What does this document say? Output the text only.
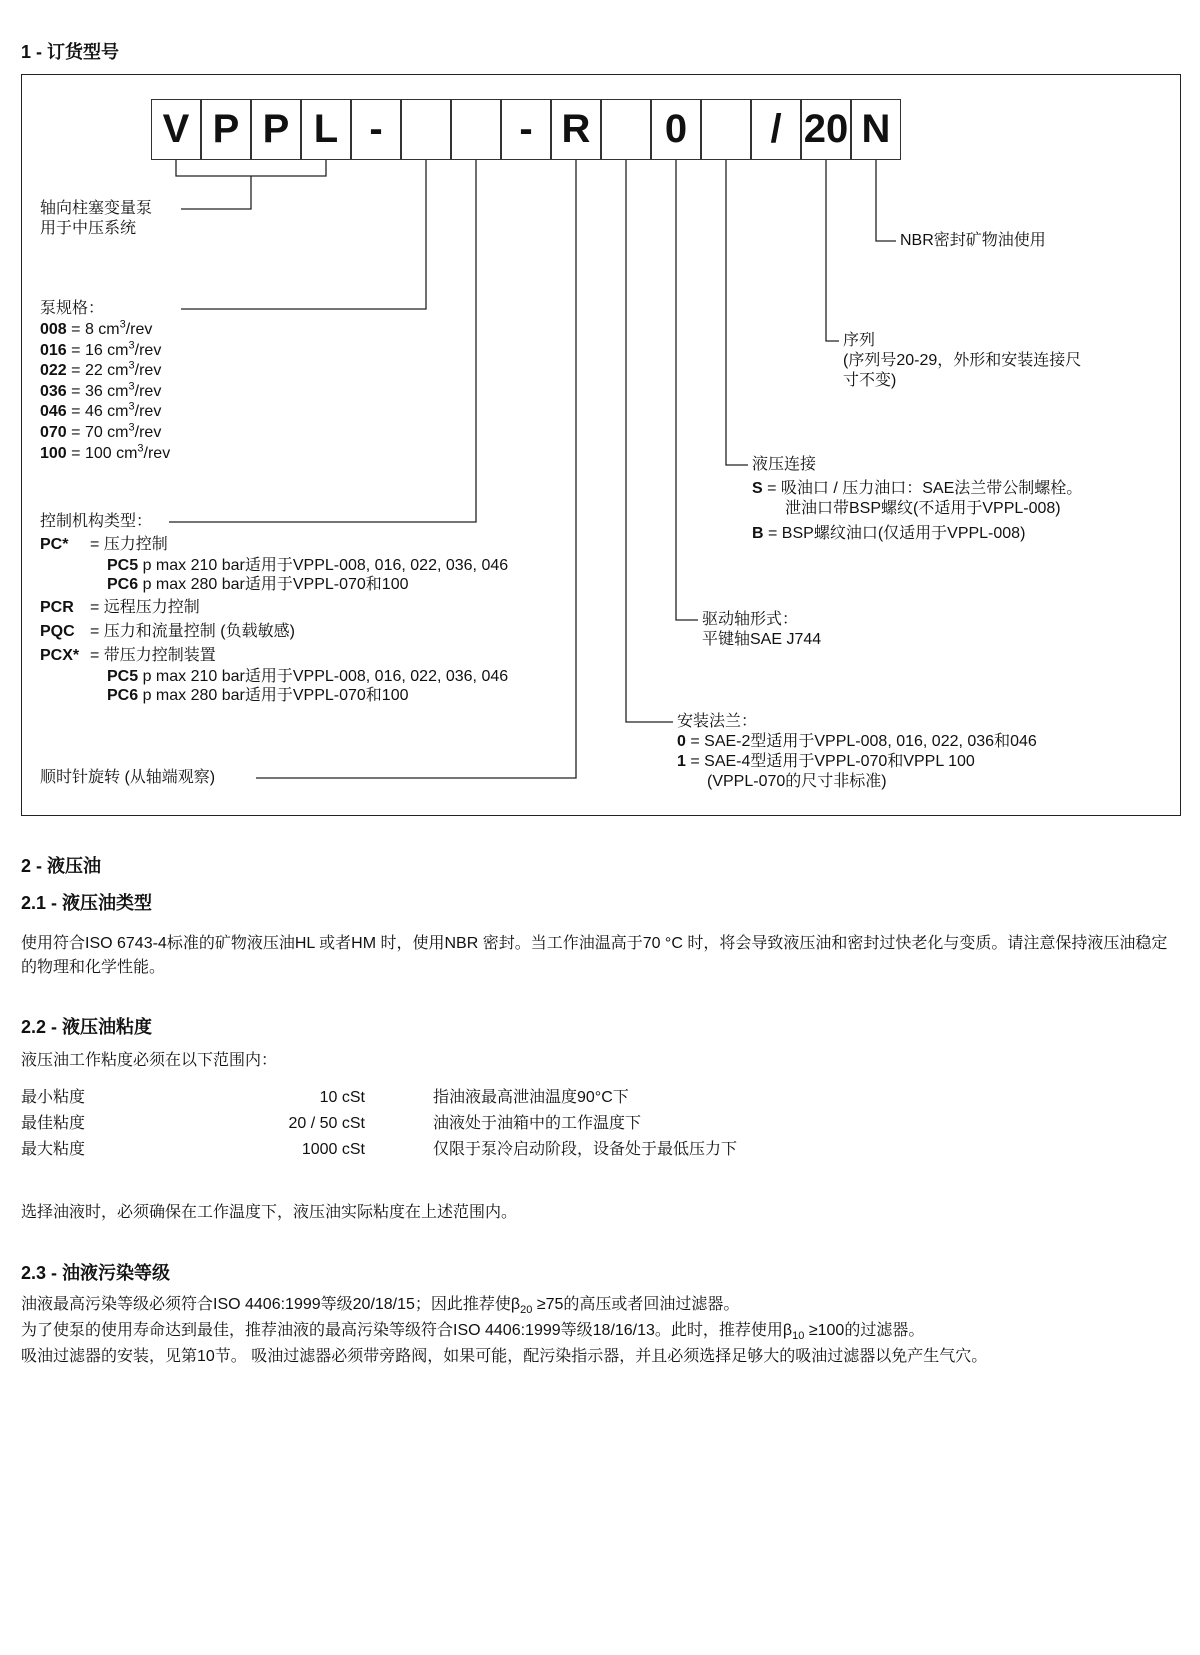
1 - 订货型号
V P P L -	- R	0	/ 20 N
轴向柱塞变量泵
用于中压系统
泵规格：
008 = 8 $cm^3$/rev
016 = 16 $cm^3$/rev
022 = 22 $cm^3$/rev
036 = 36 $cm^3$/rev
046 = 46 $cm^3$/rev
070 = 70 $cm^3$/rev
100 = 100 $cm^3$/rev
控制机构类型：
PC* = 压力控制
PC5 p max 210 bar适用于VPPL-008, 016, 022, 036, 046
PC6 p max 280 bar适用于VPPL-070和100
PCR = 远程压力控制
PQC = 压力和流量控制 (负载敏感)
PCX* = 带压力控制装置
PC5 p max 210 bar适用于VPPL-008, 016, 022, 036, 046
PC6 p max 280 bar适用于VPPL-070和100
顺时针旋转 (从轴端观察)
NBR密封矿物油使用
序列
(序列号20-29，外形和安装连接尺
寸不变)
液压连接
S = 吸油口 / 压力油口：SAE法兰带公制螺栓。
泄油口带BSP螺纹(不适用于VPPL-008)
B = BSP螺纹油口(仅适用于VPPL-008)
驱动轴形式：
平键轴SAE J744
安装法兰：
0 = SAE-2型适用于VPPL-008, 016, 022, 036和046
1 = SAE-4型适用于VPPL-070和VPPL 100
(VPPL-070的尺寸非标准)
2 - 液压油
2.1 - 液压油类型
使用符合ISO 6743-4标准的矿物液压油HL 或者HM 时，使用NBR 密封。当工作油温高于70 °C 时，将会导致液压油和密封过快老化与变质。请注意保持液压油稳定的物理和化学性能。
2.2 - 液压油粘度
液压油工作粘度必须在以下范围内：
最小粘度	10 cSt	指油液最高泄油温度90°C下
最佳粘度	20 / 50 cSt	油液处于油箱中的工作温度下
最大粘度	1000 cSt	仅限于泵冷启动阶段，设备处于最低压力下
选择油液时，必须确保在工作温度下，液压油实际粘度在上述范围内。
2.3 - 油液污染等级
油液最高污染等级必须符合ISO 4406:1999等级20/18/15；因此推荐使$\beta_{20} \ge 75$的高压或者回油过滤器。
为了使泵的使用寿命达到最佳，推荐油液的最高污染等级符合ISO 4406:1999等级18/16/13。此时，推荐使用$\beta_{10} \ge 100$的过滤器。
吸油过滤器的安装，见第10节。 吸油过滤器必须带旁路阀，如果可能，配污染指示器，并且必须选择足够大的吸油过滤器以免产生气穴。
